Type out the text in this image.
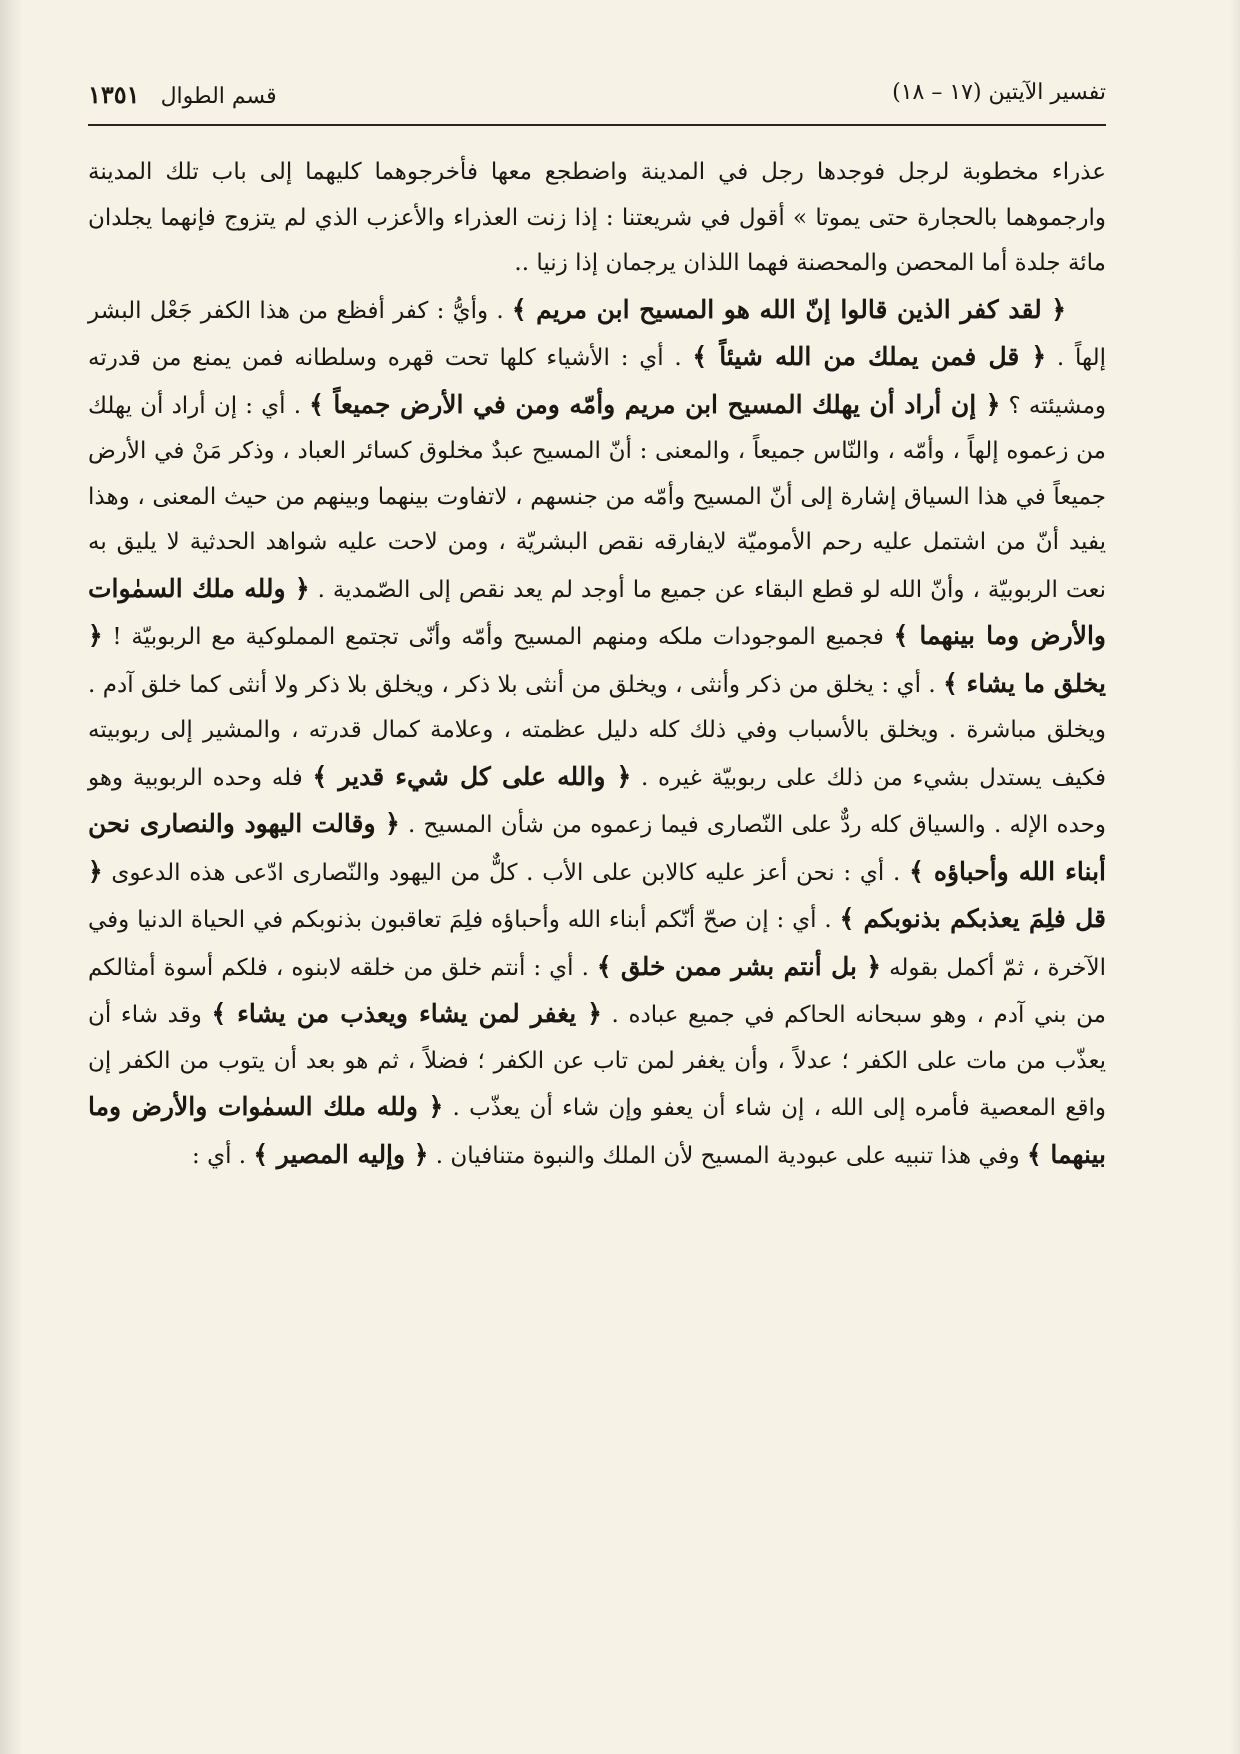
تفسير الآيتين (١٧ – ١٨)
قسم الطوال ١٣٥١

عذراء مخطوبة لرجل فوجدها رجل في المدينة واضطجع معها فأخرجوهما كليهما إلى باب تلك المدينة وارجموهما بالحجارة حتى يموتا » أقول في شريعتنا : إذا زنت العذراء والأعزب الذي لم يتزوج فإنهما يجلدان مائة جلدة أما المحصن والمحصنة فهما اللذان يرجمان إذا زنيا ..

﴿ لقد كفر الذين قالوا إنّ الله هو المسيح ابن مريم ﴾ . وأيُّ : كفر أفظع من هذا الكفر جَعْل البشر إلهاً . ﴿ قل فمن يملك من الله شيئاً ﴾ . أي : الأشياء كلها تحت قهره وسلطانه فمن يمنع من قدرته ومشيئته ؟ ﴿ إن أراد أن يهلك المسيح ابن مريم وأمّه ومن في الأرض جميعاً ﴾ . أي : إن أراد أن يهلك من زعموه إلهاً ، وأمّه ، والنّاس جميعاً ، والمعنى : أنّ المسيح عبدٌ مخلوق كسائر العباد ، وذكر مَنْ في الأرض جميعاً في هذا السياق إشارة إلى أنّ المسيح وأمّه من جنسهم ، لاتفاوت بينهما وبينهم من حيث المعنى ، وهذا يفيد أنّ من اشتمل عليه رحم الأموميّة لايفارقه نقص البشريّة ، ومن لاحت عليه شواهد الحدثية لا يليق به نعت الربوبيّة ، وأنّ الله لو قطع البقاء عن جميع ما أوجد لم يعد نقص إلى الصّمدية . ﴿ ولله ملك السمٰوات والأرض وما بينهما ﴾ فجميع الموجودات ملكه ومنهم المسيح وأمّه وأنّى تجتمع المملوكية مع الربوبيّة ! ﴿ يخلق ما يشاء ﴾ . أي : يخلق من ذكر وأنثى ، ويخلق من أنثى بلا ذكر ، ويخلق بلا ذكر ولا أنثى كما خلق آدم . ويخلق مباشرة . ويخلق بالأسباب وفي ذلك كله دليل عظمته ، وعلامة كمال قدرته ، والمشير إلى ربوبيته فكيف يستدل بشيء من ذلك على ربوبيّة غيره . ﴿ والله على كل شيء قدير ﴾ فله وحده الربوبية وهو وحده الإله . والسياق كله ردٌّ على النّصارى فيما زعموه من شأن المسيح . ﴿ وقالت اليهود والنصارى نحن أبناء الله وأحباؤه ﴾ . أي : نحن أعز عليه كالابن على الأب . كلٌّ من اليهود والنّصارى ادّعى هذه الدعوى ﴿ قل فلِمَ يعذبكم بذنوبكم ﴾ . أي : إن صحّ أنّكم أبناء الله وأحباؤه فلِمَ تعاقبون بذنوبكم في الحياة الدنيا وفي الآخرة ، ثمّ أكمل بقوله ﴿ بل أنتم بشر ممن خلق ﴾ . أي : أنتم خلق من خلقه لابنوه ، فلكم أسوة أمثالكم من بني آدم ، وهو سبحانه الحاكم في جميع عباده . ﴿ يغفر لمن يشاء ويعذب من يشاء ﴾ وقد شاء أن يعذّب من مات على الكفر ؛ عدلاً ، وأن يغفر لمن تاب عن الكفر ؛ فضلاً ، ثم هو بعد أن يتوب من الكفر إن واقع المعصية فأمره إلى الله ، إن شاء أن يعفو وإن شاء أن يعذّب . ﴿ ولله ملك السمٰوات والأرض وما بينهما ﴾ وفي هذا تنبيه على عبودية المسيح لأن الملك والنبوة متنافيان . ﴿ وإليه المصير ﴾ . أي :
